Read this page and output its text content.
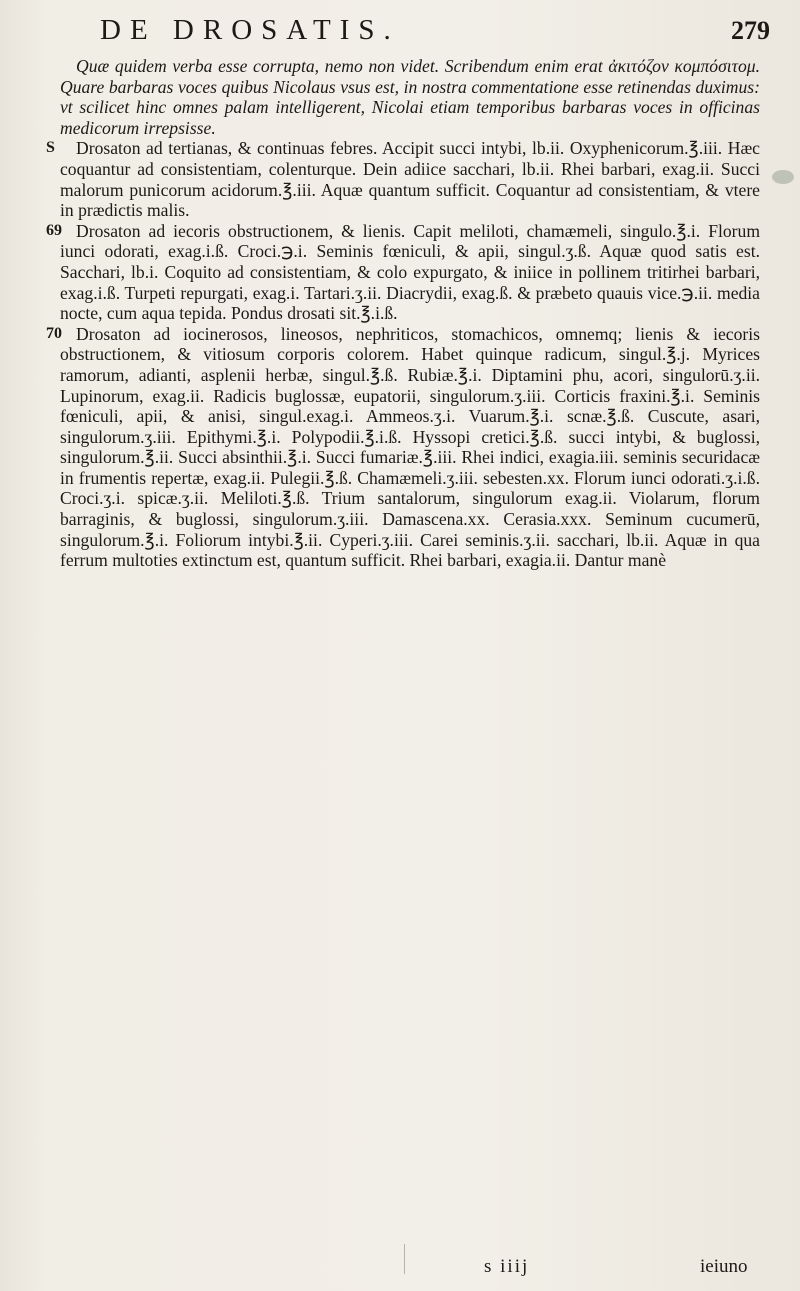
DE DROSATIS.	279

Quæ quidem verba esse corrupta, nemo non videt. Scribendum enim erat ἀκιτόζον κομπόσιτομ. Quare barbaras voces quibus Nicolaus vsus est, in nostra commentatione esse retinendas duximus: vt scilicet hinc omnes palam intelligerent, Nicolai etiam temporibus barbaras voces in officinas medicorum irrepsisse.

S Drosaton ad tertianas, & continuas febres. Accipit succi intybi, lb.ii. Oxyphenicorum.℥.iii. Hæc coquantur ad consistentiam, colenturque. Dein adiice sacchari, lb.ii. Rhei barbari, exag.ii. Succi malorum punicorum acidorum.℥.iii. Aquæ quantum sufficit. Coquantur ad consistentiam, & vtere in prædictis malis.

69 Drosaton ad iecoris obstructionem, & lienis. Capit meliloti, chamæmeli, singulo.℥.i. Florum iunci odorati, exag.i.ß. Croci.℈.i. Seminis fœniculi, & apii, singul.ʒ.ß. Aquæ quod satis est. Sacchari, lb.i. Coquito ad consistentiam, & colo expurgato, & iniice in pollinem tritirhei barbari, exag.i.ß. Turpeti repurgati, exag.i. Tartari.ʒ.ii. Diacrydii, exag.ß. & præbeto quauis vice.℈.ii. media nocte, cum aqua tepida. Pondus drosati sit.℥.i.ß.

70 Drosaton ad iocinerosos, lineosos, nephriticos, stomachicos, omnemq; lienis & iecoris obstructionem, & vitiosum corporis colorem. Habet quinque radicum, singul.℥.j. Myrices ramorum, adianti, asplenii herbæ, singul.℥.ß. Rubiæ.℥.i. Diptamini phu, acori, singulorū.ʒ.ii. Lupinorum, exag.ii. Radicis buglossæ, eupatorii, singulorum.ʒ.iii. Corticis fraxini.℥.i. Seminis fœniculi, apii, & anisi, singul.exag.i. Ammeos.ʒ.i. Vuarum.℥.i. scnæ.℥.ß. Cuscute, asari, singulorum.ʒ.iii. Epithymi.℥.i. Polypodii.℥.i.ß. Hyssopi cretici.℥.ß. succi intybi, & buglossi, singulorum.℥.ii. Succi absinthii.℥.i. Succi fumariæ.℥.iii. Rhei indici, exagia.iii. seminis securidacæ in frumentis repertæ, exag.ii. Pulegii.℥.ß. Chamæmeli.ʒ.iii. sebesten.xx. Florum iunci odorati.ʒ.i.ß. Croci.ʒ.i. spicæ.ʒ.ii. Meliloti.℥.ß. Trium santalorum, singulorum exag.ii. Violarum, florum barraginis, & buglossi, singulorum.ʒ.iii. Damascena.xx. Cerasia.xxx. Seminum cucumerū, singulorum.℥.i. Foliorum intybi.℥.ii. Cyperi.ʒ.iii. Carei seminis.ʒ.ii. sacchari, lb.ii. Aquæ in qua ferrum multoties extinctum est, quantum sufficit. Rhei barbari, exagia.ii. Dantur manè

s iiij	ieiuno
